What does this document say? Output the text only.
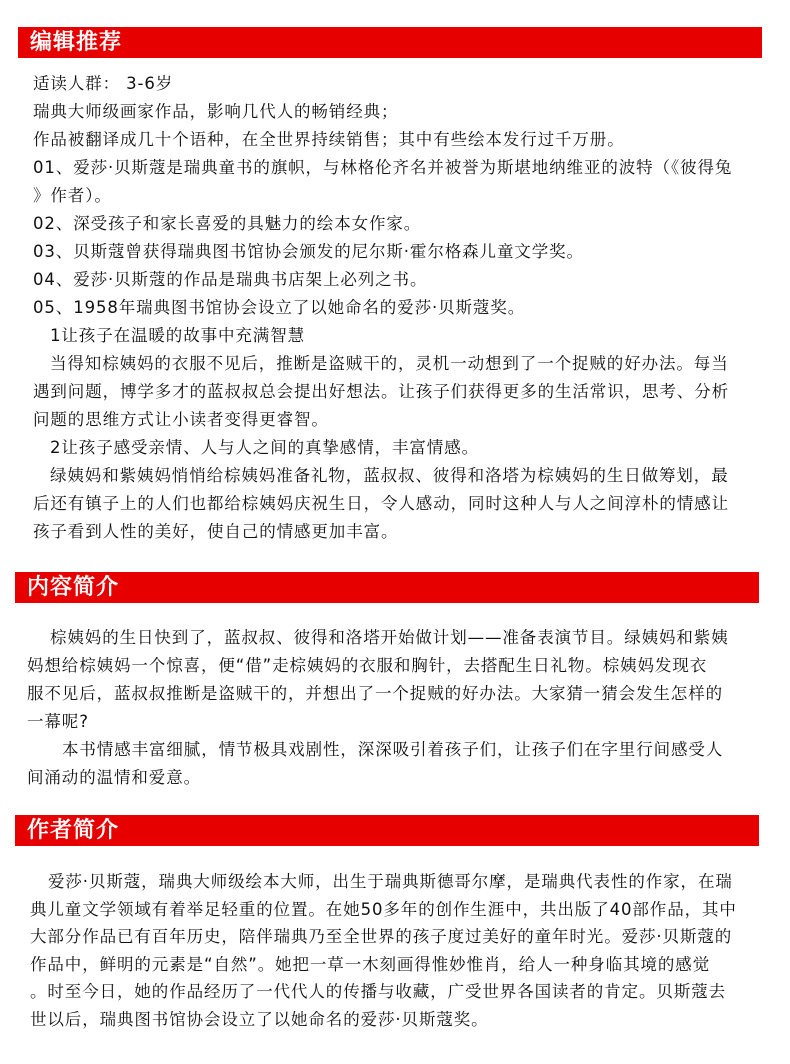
编辑推荐
适读人群： 3-6岁
瑞典大师级画家作品，影响几代人的畅销经典；
作品被翻译成几十个语种，在全世界持续销售；其中有些绘本发行过千万册。
01、爱莎·贝斯蔻是瑞典童书的旗帜，与林格伦齐名并被誉为斯堪地纳维亚的波特（《彼得兔
》作者）。
02、深受孩子和家长喜爱的具魅力的绘本女作家。
03、贝斯蔻曾获得瑞典图书馆协会颁发的尼尔斯·霍尔格森儿童文学奖。
04、爱莎·贝斯蔻的作品是瑞典书店架上必列之书。
05、1958年瑞典图书馆协会设立了以她命名的爱莎·贝斯蔻奖。
1让孩子在温暖的故事中充满智慧
当得知棕姨妈的衣服不见后，推断是盗贼干的，灵机一动想到了一个捉贼的好办法。每当
遇到问题，博学多才的蓝叔叔总会提出好想法。让孩子们获得更多的生活常识，思考、分析
问题的思维方式让小读者变得更睿智。
2让孩子感受亲情、人与人之间的真挚感情，丰富情感。
绿姨妈和紫姨妈悄悄给棕姨妈准备礼物，蓝叔叔、彼得和洛塔为棕姨妈的生日做筹划，最
后还有镇子上的人们也都给棕姨妈庆祝生日，令人感动，同时这种人与人之间淳朴的情感让
孩子看到人性的美好，使自己的情感更加丰富。
内容简介
棕姨妈的生日快到了，蓝叔叔、彼得和洛塔开始做计划——准备表演节目。绿姨妈和紫姨
妈想给棕姨妈一个惊喜，便“借”走棕姨妈的衣服和胸针，去搭配生日礼物。棕姨妈发现衣
服不见后，蓝叔叔推断是盗贼干的，并想出了一个捉贼的好办法。大家猜一猜会发生怎样的
一幕呢?
本书情感丰富细腻，情节极具戏剧性，深深吸引着孩子们，让孩子们在字里行间感受人
间涌动的温情和爱意。
作者简介
爱莎·贝斯蔻，瑞典大师级绘本大师，出生于瑞典斯德哥尔摩，是瑞典代表性的作家，在瑞
典儿童文学领域有着举足轻重的位置。在她50多年的创作生涯中，共出版了40部作品，其中
大部分作品已有百年历史，陪伴瑞典乃至全世界的孩子度过美好的童年时光。爱莎·贝斯蔻的
作品中，鲜明的元素是“自然”。她把一草一木刻画得惟妙惟肖，给人一种身临其境的感觉
。时至今日，她的作品经历了一代代人的传播与收藏，广受世界各国读者的肯定。贝斯蔻去
世以后，瑞典图书馆协会设立了以她命名的爱莎·贝斯蔻奖。
